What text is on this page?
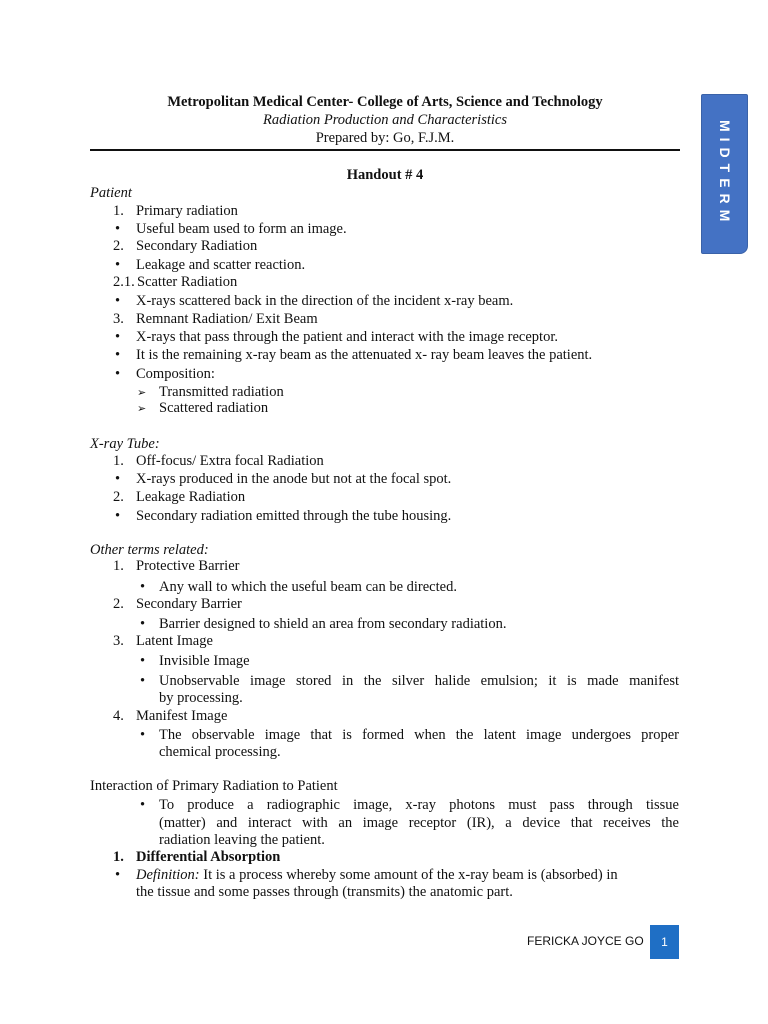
MIDTERM
Metropolitan Medical Center- College of Arts, Science and Technology
Radiation Production and Characteristics
Prepared by: Go, F.J.M.
Handout # 4
Patient
1. Primary radiation
• Useful beam used to form an image.
2. Secondary Radiation
• Leakage and scatter reaction.
2.1. Scatter Radiation
• X-rays scattered back in the direction of the incident x-ray beam.
3. Remnant Radiation/ Exit Beam
• X-rays that pass through the patient and interact with the image receptor.
• It is the remaining x-ray beam as the attenuated x- ray beam leaves the patient.
• Composition:
➢ Transmitted radiation
➢ Scattered radiation
X-ray Tube:
1. Off-focus/ Extra focal Radiation
• X-rays produced in the anode but not at the focal spot.
2. Leakage Radiation
• Secondary radiation emitted through the tube housing.
Other terms related:
1. Protective Barrier
• Any wall to which the useful beam can be directed.
2. Secondary Barrier
• Barrier designed to shield an area from secondary radiation.
3. Latent Image
• Invisible Image
• Unobservable image stored in the silver halide emulsion; it is made manifest
by processing.
4. Manifest Image
• The observable image that is formed when the latent image undergoes proper
chemical processing.
Interaction of Primary Radiation to Patient
• To produce a radiographic image, x-ray photons must pass through tissue
(matter) and interact with an image receptor (IR), a device that receives the
radiation leaving the patient.
1. Differential Absorption
• Definition: It is a process whereby some amount of the x-ray beam is (absorbed) in
the tissue and some passes through (transmits) the anatomic part.
FERICKA JOYCE GO	1
